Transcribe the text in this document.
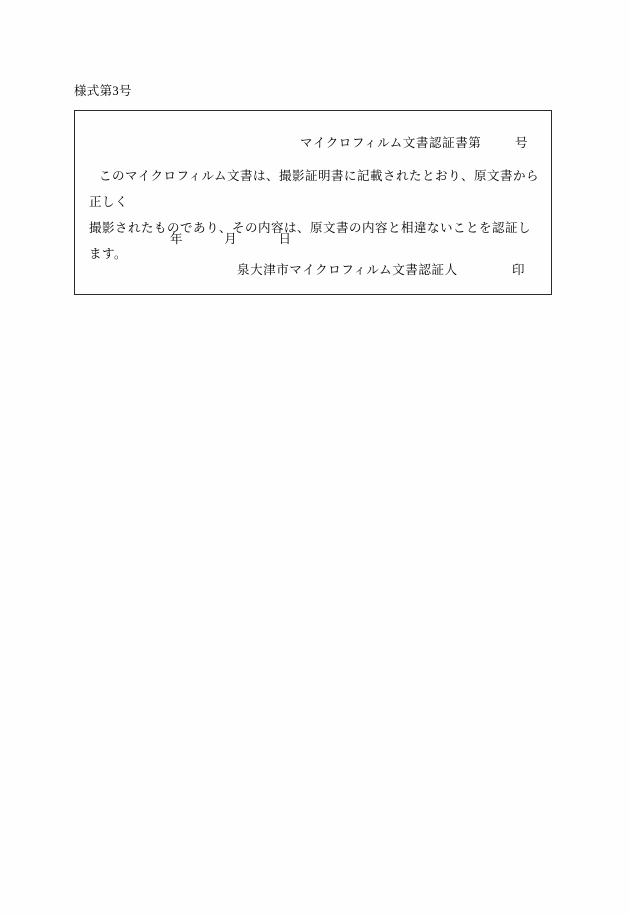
様式第3号
マイクロフィルム文書認証書第	号
このマイクロフィルム文書は、撮影証明書に記載されたとおり、原文書から正しく
撮影されたものであり、その内容は、原文書の内容と相違ないことを認証します。
年	月	日
泉大津市マイクロフィルム文書認証人	印
